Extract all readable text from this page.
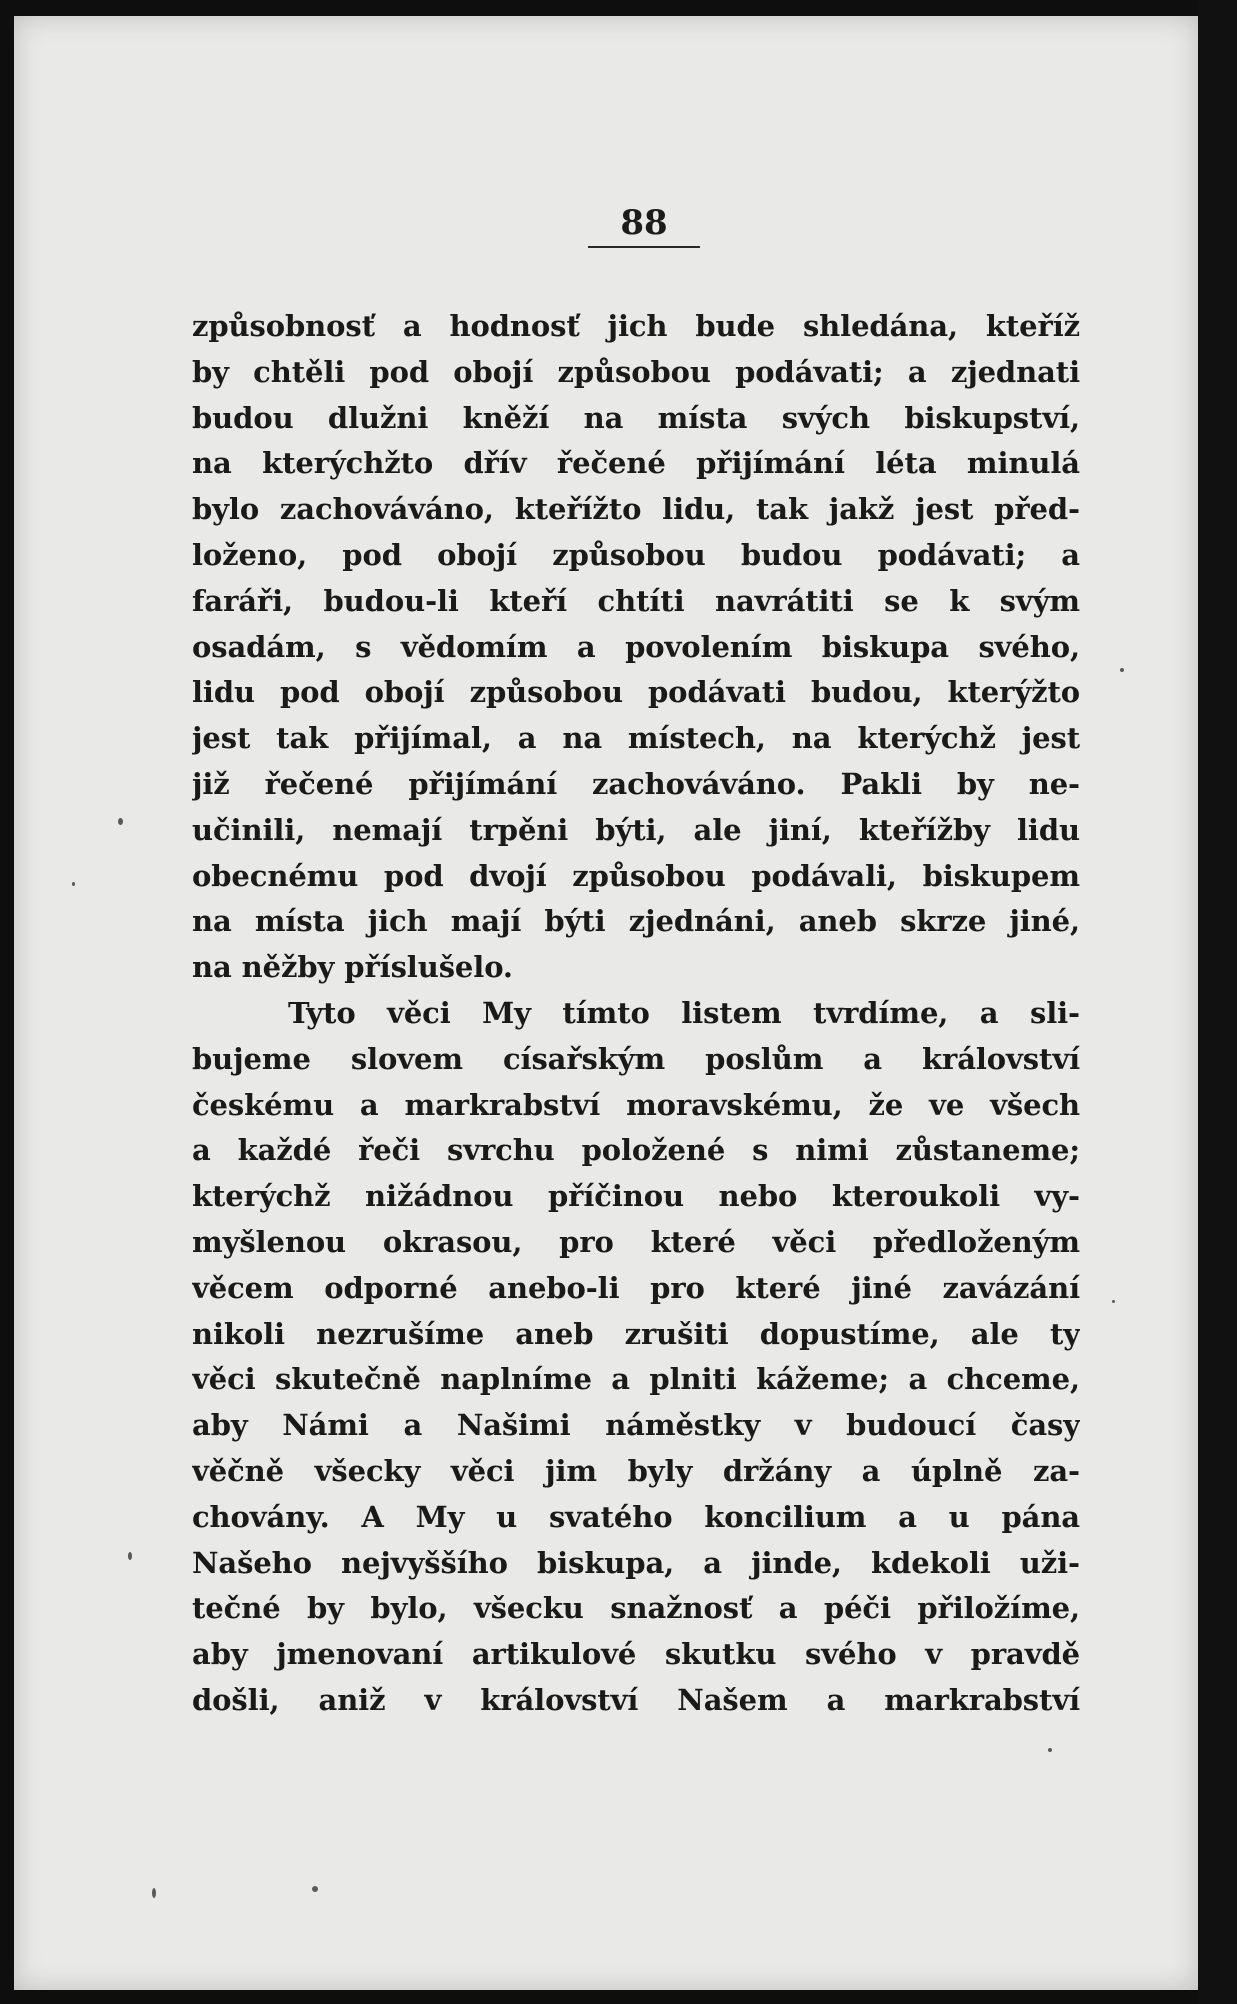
88
způsobnosť a hodnosť jich bude shledána, kteříž
by chtěli pod obojí způsobou podávati; a zjednati
budou dlužni kněží na místa svých biskupství,
na kterýchžto dřív řečené přijímání léta minulá
bylo zachováváno, kteřížto lidu, tak jakž jest před-
loženo, pod obojí způsobou budou podávati; a
faráři, budou-li kteří chtíti navrátiti se k svým
osadám, s vědomím a povolením biskupa svého,
lidu pod obojí způsobou podávati budou, kterýžto
jest tak přijímal, a na místech, na kterýchž jest
již řečené přijímání zachováváno. Pakli by ne-
učinili, nemají trpěni býti, ale jiní, kteřížby lidu
obecnému pod dvojí způsobou podávali, biskupem
na místa jich mají býti zjednáni, aneb skrze jiné,
na něžby příslušelo.
Tyto věci My tímto listem tvrdíme, a sli-
bujeme slovem císařským poslům a království
českému a markrabství moravskému, že ve všech
a každé řeči svrchu položené s nimi zůstaneme;
kterýchž nižádnou příčinou nebo kteroukoli vy-
myšlenou okrasou, pro které věci předloženým
věcem odporné anebo-li pro které jiné zavázání
nikoli nezrušíme aneb zrušiti dopustíme, ale ty
věci skutečně naplníme a plniti kážeme; a chceme,
aby Námi a Našimi náměstky v budoucí časy
věčně všecky věci jim byly držány a úplně za-
chovány. A My u svatého koncilium a u pána
Našeho nejvyššího biskupa, a jinde, kdekoli uži-
tečné by bylo, všecku snažnosť a péči přiložíme,
aby jmenovaní artikulové skutku svého v pravdě
došli, aniž v království Našem a markrabství
